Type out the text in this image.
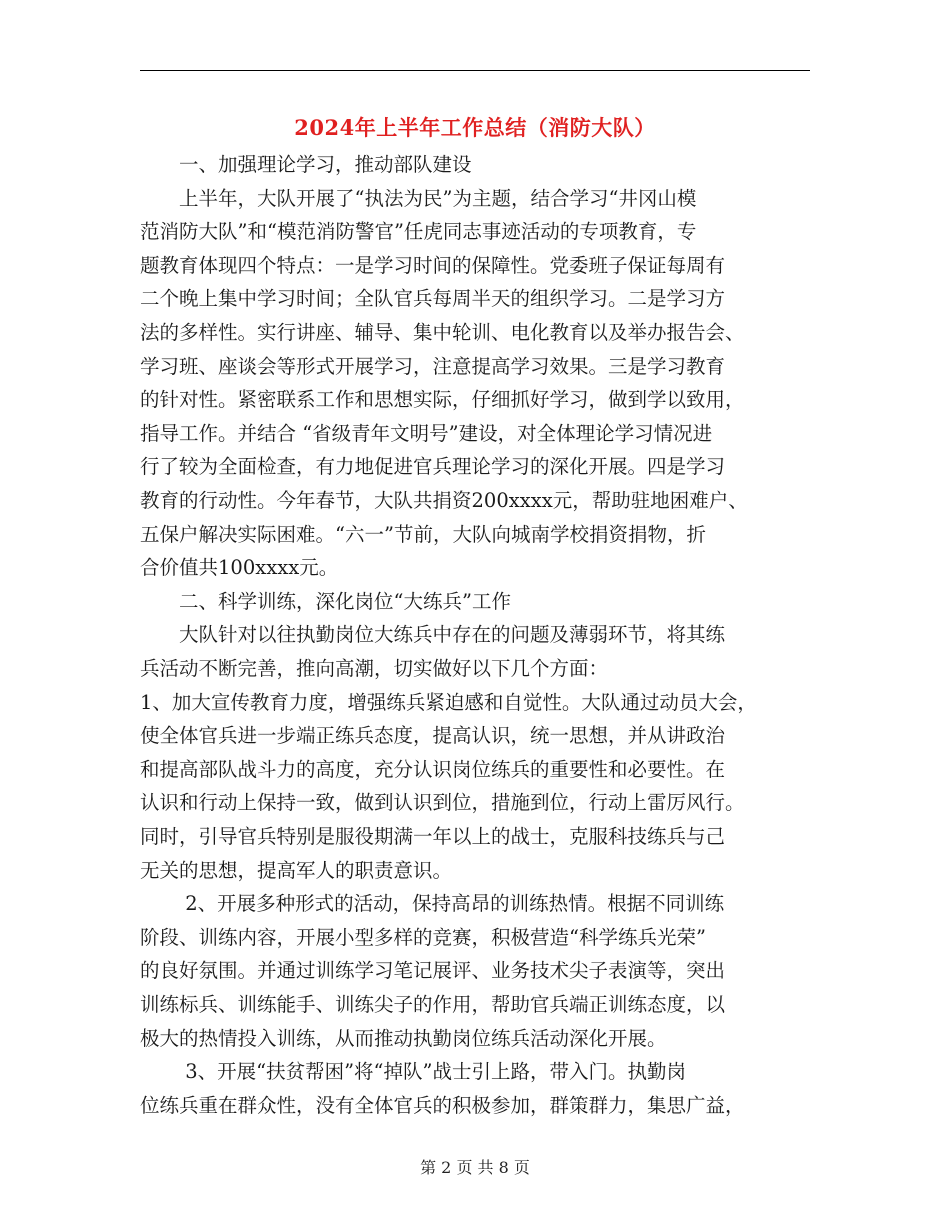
2024年上半年工作总结（消防大队）
　　一、加强理论学习，推动部队建设
　　上半年，大队开展了“执法为民”为主题，结合学习“井冈山模
范消防大队”和“模范消防警官”任虎同志事迹活动的专项教育，专
题教育体现四个特点：一是学习时间的保障性。党委班子保证每周有
二个晚上集中学习时间；全队官兵每周半天的组织学习。二是学习方
法的多样性。实行讲座、辅导、集中轮训、电化教育以及举办报告会、
学习班、座谈会等形式开展学习，注意提高学习效果。三是学习教育
的针对性。紧密联系工作和思想实际，仔细抓好学习，做到学以致用，
指导工作。并结合 “省级青年文明号”建设，对全体理论学习情况进
行了较为全面检查，有力地促进官兵理论学习的深化开展。四是学习
教育的行动性。今年春节，大队共捐资200xxxx元，帮助驻地困难户、
五保户解决实际困难。“六一”节前，大队向城南学校捐资捐物，折
合价值共100xxxx元。
　　二、科学训练，深化岗位“大练兵”工作
　　大队针对以往执勤岗位大练兵中存在的问题及薄弱环节，将其练
兵活动不断完善，推向高潮，切实做好以下几个方面：
1、加大宣传教育力度，增强练兵紧迫感和自觉性。大队通过动员大会，
使全体官兵进一步端正练兵态度，提高认识，统一思想，并从讲政治
和提高部队战斗力的高度，充分认识岗位练兵的重要性和必要性。在
认识和行动上保持一致，做到认识到位，措施到位，行动上雷厉风行。
同时，引导官兵特别是服役期满一年以上的战士，克服科技练兵与己
无关的思想，提高军人的职责意识。
　　 2、开展多种形式的活动，保持高昂的训练热情。根据不同训练
阶段、训练内容，开展小型多样的竞赛，积极营造“科学练兵光荣”
的良好氛围。并通过训练学习笔记展评、业务技术尖子表演等，突出
训练标兵、训练能手、训练尖子的作用，帮助官兵端正训练态度，以
极大的热情投入训练，从而推动执勤岗位练兵活动深化开展。
　　 3、开展“扶贫帮困”将“掉队”战士引上路，带入门。执勤岗
位练兵重在群众性，没有全体官兵的积极参加，群策群力，集思广益，
第 2 页 共 8 页
